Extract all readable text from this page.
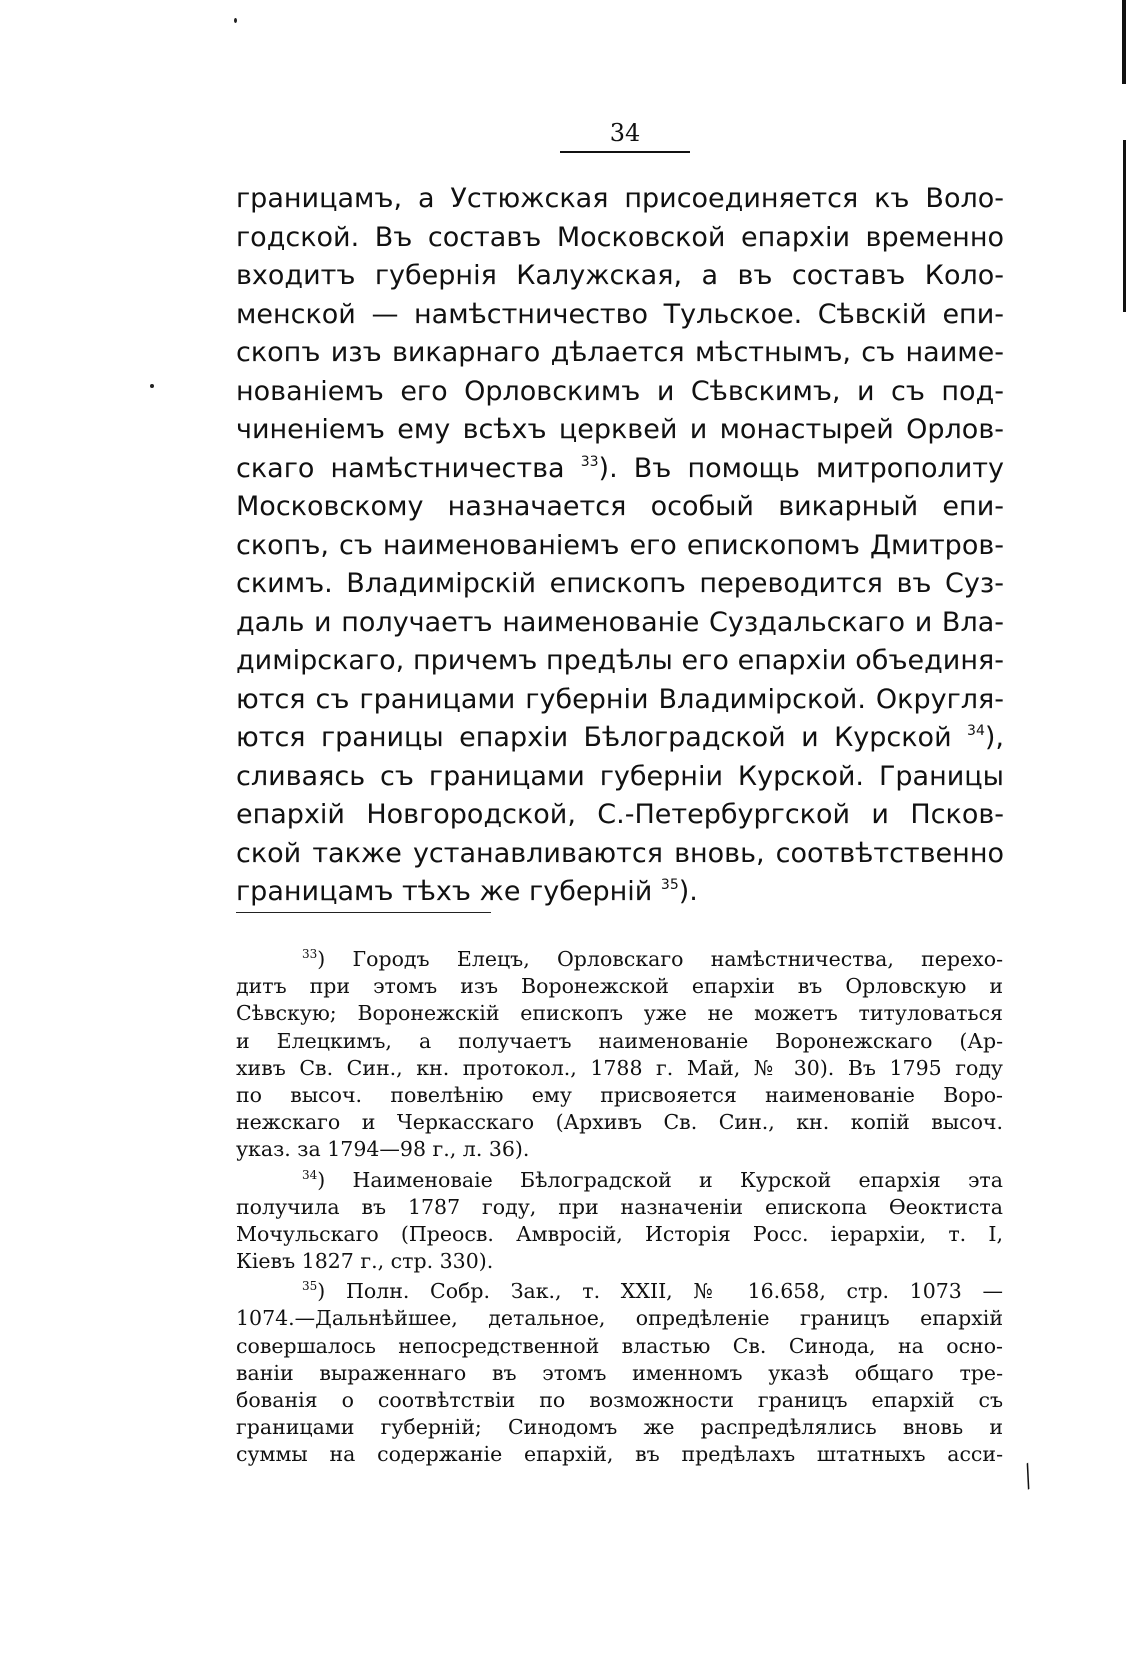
╱
34
границамъ, а Устюжская присоединяется къ Воло-
годской. Въ составъ Московской епархіи временно
входитъ губернія Калужская, а въ составъ Коло-
менской — намѣстничество Тульское. Сѣвскій епи-
скопъ изъ викарнаго дѣлается мѣстнымъ, съ наиме-
нованіемъ его Орловскимъ и Сѣвскимъ, и съ под-
чиненіемъ ему всѣхъ церквей и монастырей Орлов-
скаго намѣстничества $^{33}$). Въ помощь митрополиту
Московскому назначается особый викарный епи-
скопъ, съ наименованіемъ его епископомъ Дмитров-
скимъ. Владимірскій епископъ переводится въ Суз-
даль и получаетъ наименованіе Суздальскаго и Вла-
димірскаго, причемъ предѣлы его епархіи объединя-
ются съ границами губерніи Владимірской. Округля-
ются границы епархіи Бѣлоградской и Курской $^{34}$),
сливаясь съ границами губерніи Курской. Границы
епархій Новгородской, С.-Петербургской и Псков-
ской также устанавливаются вновь, соотвѣтственно
границамъ тѣхъ же губерній $^{35}$).
$^{33}$) Городъ Елецъ, Орловскаго намѣстничества, перехо-
дитъ при этомъ изъ Воронежской епархіи въ Орловскую и
Сѣвскую; Воронежскій епископъ уже не можетъ титуловаться
и Елецкимъ, а получаетъ наименованіе Воронежскаго (Ар-
хивъ Св. Син., кн. протокол., 1788 г. Май, № 30). Въ 1795 году
по высоч. повелѣнію ему присвояется наименованіе Воро-
нежскаго и Черкасскаго (Архивъ Св. Син., кн. копій высоч.
указ. за 1794—98 г., л. 36).
$^{34}$) Наименоваіе Бѣлоградской и Курской епархія эта
получила въ 1787 году, при назначеніи епископа Өеоктиста
Мочульскаго (Преосв. Амвросій, Исторія Росс. іерархіи, т. I,
Кіевъ 1827 г., стр. 330).
$^{35}$) Полн. Собр. Зак., т. XXII, № 16.658, стр. 1073 —
1074.—Дальнѣйшее, детальное, опредѣленіе границъ епархій
совершалось непосредственной властью Св. Синода, на осно-
ваніи выраженнаго въ этомъ именномъ указѣ общаго тре-
бованія о соотвѣтствіи по возможности границъ епархій съ
границами губерній; Синодомъ же распредѣлялись вновь и
суммы на содержаніе епархій, въ предѣлахъ штатныхъ асси-
